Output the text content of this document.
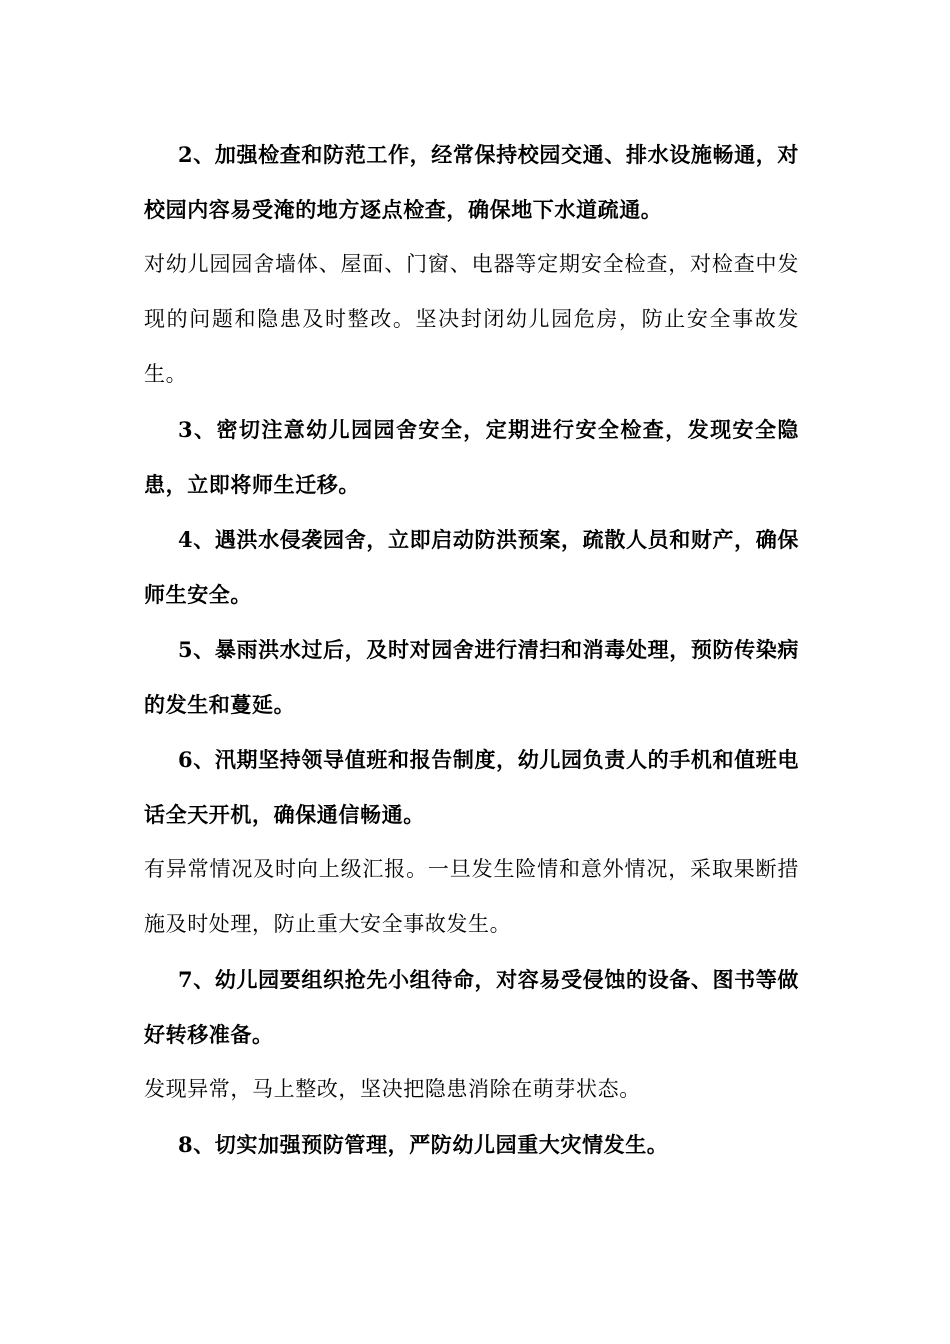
2、加强检查和防范工作，经常保持校园交通、排水设施畅通，对校园内容易受淹的地方逐点检查，确保地下水道疏通。

对幼儿园园舍墙体、屋面、门窗、电器等定期安全检查，对检查中发现的问题和隐患及时整改。坚决封闭幼儿园危房，防止安全事故发生。

3、密切注意幼儿园园舍安全，定期进行安全检查，发现安全隐患，立即将师生迁移。

4、遇洪水侵袭园舍，立即启动防洪预案，疏散人员和财产，确保师生安全。

5、暴雨洪水过后，及时对园舍进行清扫和消毒处理，预防传染病的发生和蔓延。

6、汛期坚持领导值班和报告制度，幼儿园负责人的手机和值班电话全天开机，确保通信畅通。

有异常情况及时向上级汇报。一旦发生险情和意外情况，采取果断措施及时处理，防止重大安全事故发生。

7、幼儿园要组织抢先小组待命，对容易受侵蚀的设备、图书等做好转移准备。

发现异常，马上整改，坚决把隐患消除在萌芽状态。

8、切实加强预防管理，严防幼儿园重大灾情发生。
